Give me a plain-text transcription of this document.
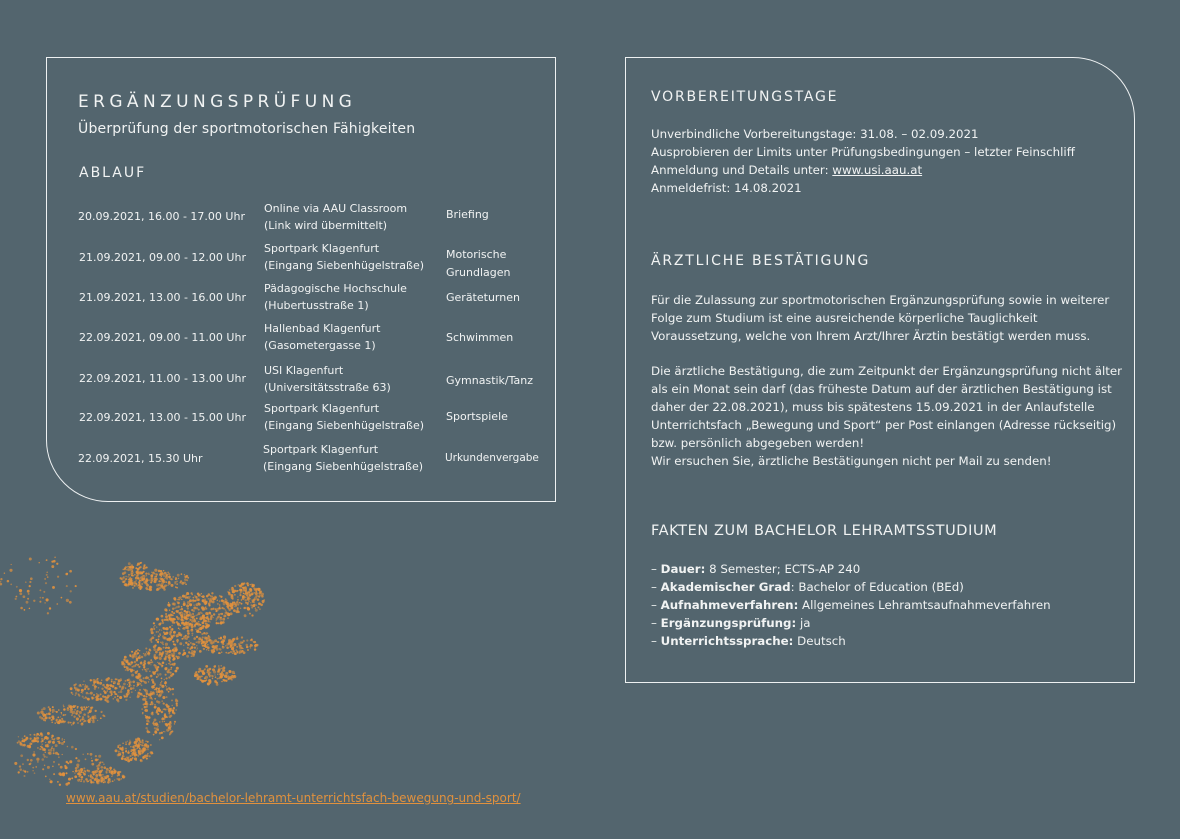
ERGÄNZUNGSPRÜFUNG
Überprüfung der sportmotorischen Fähigkeiten
ABLAUF
20.09.2021, 16.00 - 17.00 Uhr
Online via AAU Classroom
(Link wird übermittelt)
Briefing
21.09.2021, 09.00 - 12.00 Uhr
Sportpark Klagenfurt
(Eingang Siebenhügelstraße)
Motorische
Grundlagen
21.09.2021, 13.00 - 16.00 Uhr
Pädagogische Hochschule
(Hubertusstraße 1)
Geräteturnen
22.09.2021, 09.00 - 11.00 Uhr
Hallenbad Klagenfurt
(Gasometergasse 1)
Schwimmen
22.09.2021, 11.00 - 13.00 Uhr
USI Klagenfurt
(Universitätsstraße 63)
Gymnastik/Tanz
22.09.2021, 13.00 - 15.00 Uhr
Sportpark Klagenfurt
(Eingang Siebenhügelstraße)
Sportspiele
22.09.2021, 15.30 Uhr
Sportpark Klagenfurt
(Eingang Siebenhügelstraße)
Urkundenvergabe
VORBEREITUNGSTAGE
Unverbindliche Vorbereitungstage: 31.08. – 02.09.2021
Ausprobieren der Limits unter Prüfungsbedingungen – letzter Feinschliff
Anmeldung und Details unter: www.usi.aau.at
Anmeldefrist: 14.08.2021
ÄRZTLICHE BESTÄTIGUNG
Für die Zulassung zur sportmotorischen Ergänzungsprüfung sowie in weiterer Folge zum Studium ist eine ausreichende körperliche Tauglichkeit Voraussetzung, welche von Ihrem Arzt/Ihrer Ärztin bestätigt werden muss.
Die ärztliche Bestätigung, die zum Zeitpunkt der Ergänzungsprüfung nicht älter als ein Monat sein darf (das früheste Datum auf der ärztlichen Bestätigung ist daher der 22.08.2021), muss bis spätestens 15.09.2021 in der Anlaufstelle Unterrichtsfach „Bewegung und Sport“ per Post einlangen (Adresse rückseitig) bzw. persönlich abgegeben werden!
Wir ersuchen Sie, ärztliche Bestätigungen nicht per Mail zu senden!
FAKTEN ZUM BACHELOR LEHRAMTSSTUDIUM
– Dauer: 8 Semester; ECTS-AP 240
– Akademischer Grad: Bachelor of Education (BEd)
– Aufnahmeverfahren: Allgemeines Lehramtsaufnahmeverfahren
– Ergänzungsprüfung: ja
– Unterrichtssprache: Deutsch
www.aau.at/studien/bachelor-lehramt-unterrichtsfach-bewegung-und-sport/
